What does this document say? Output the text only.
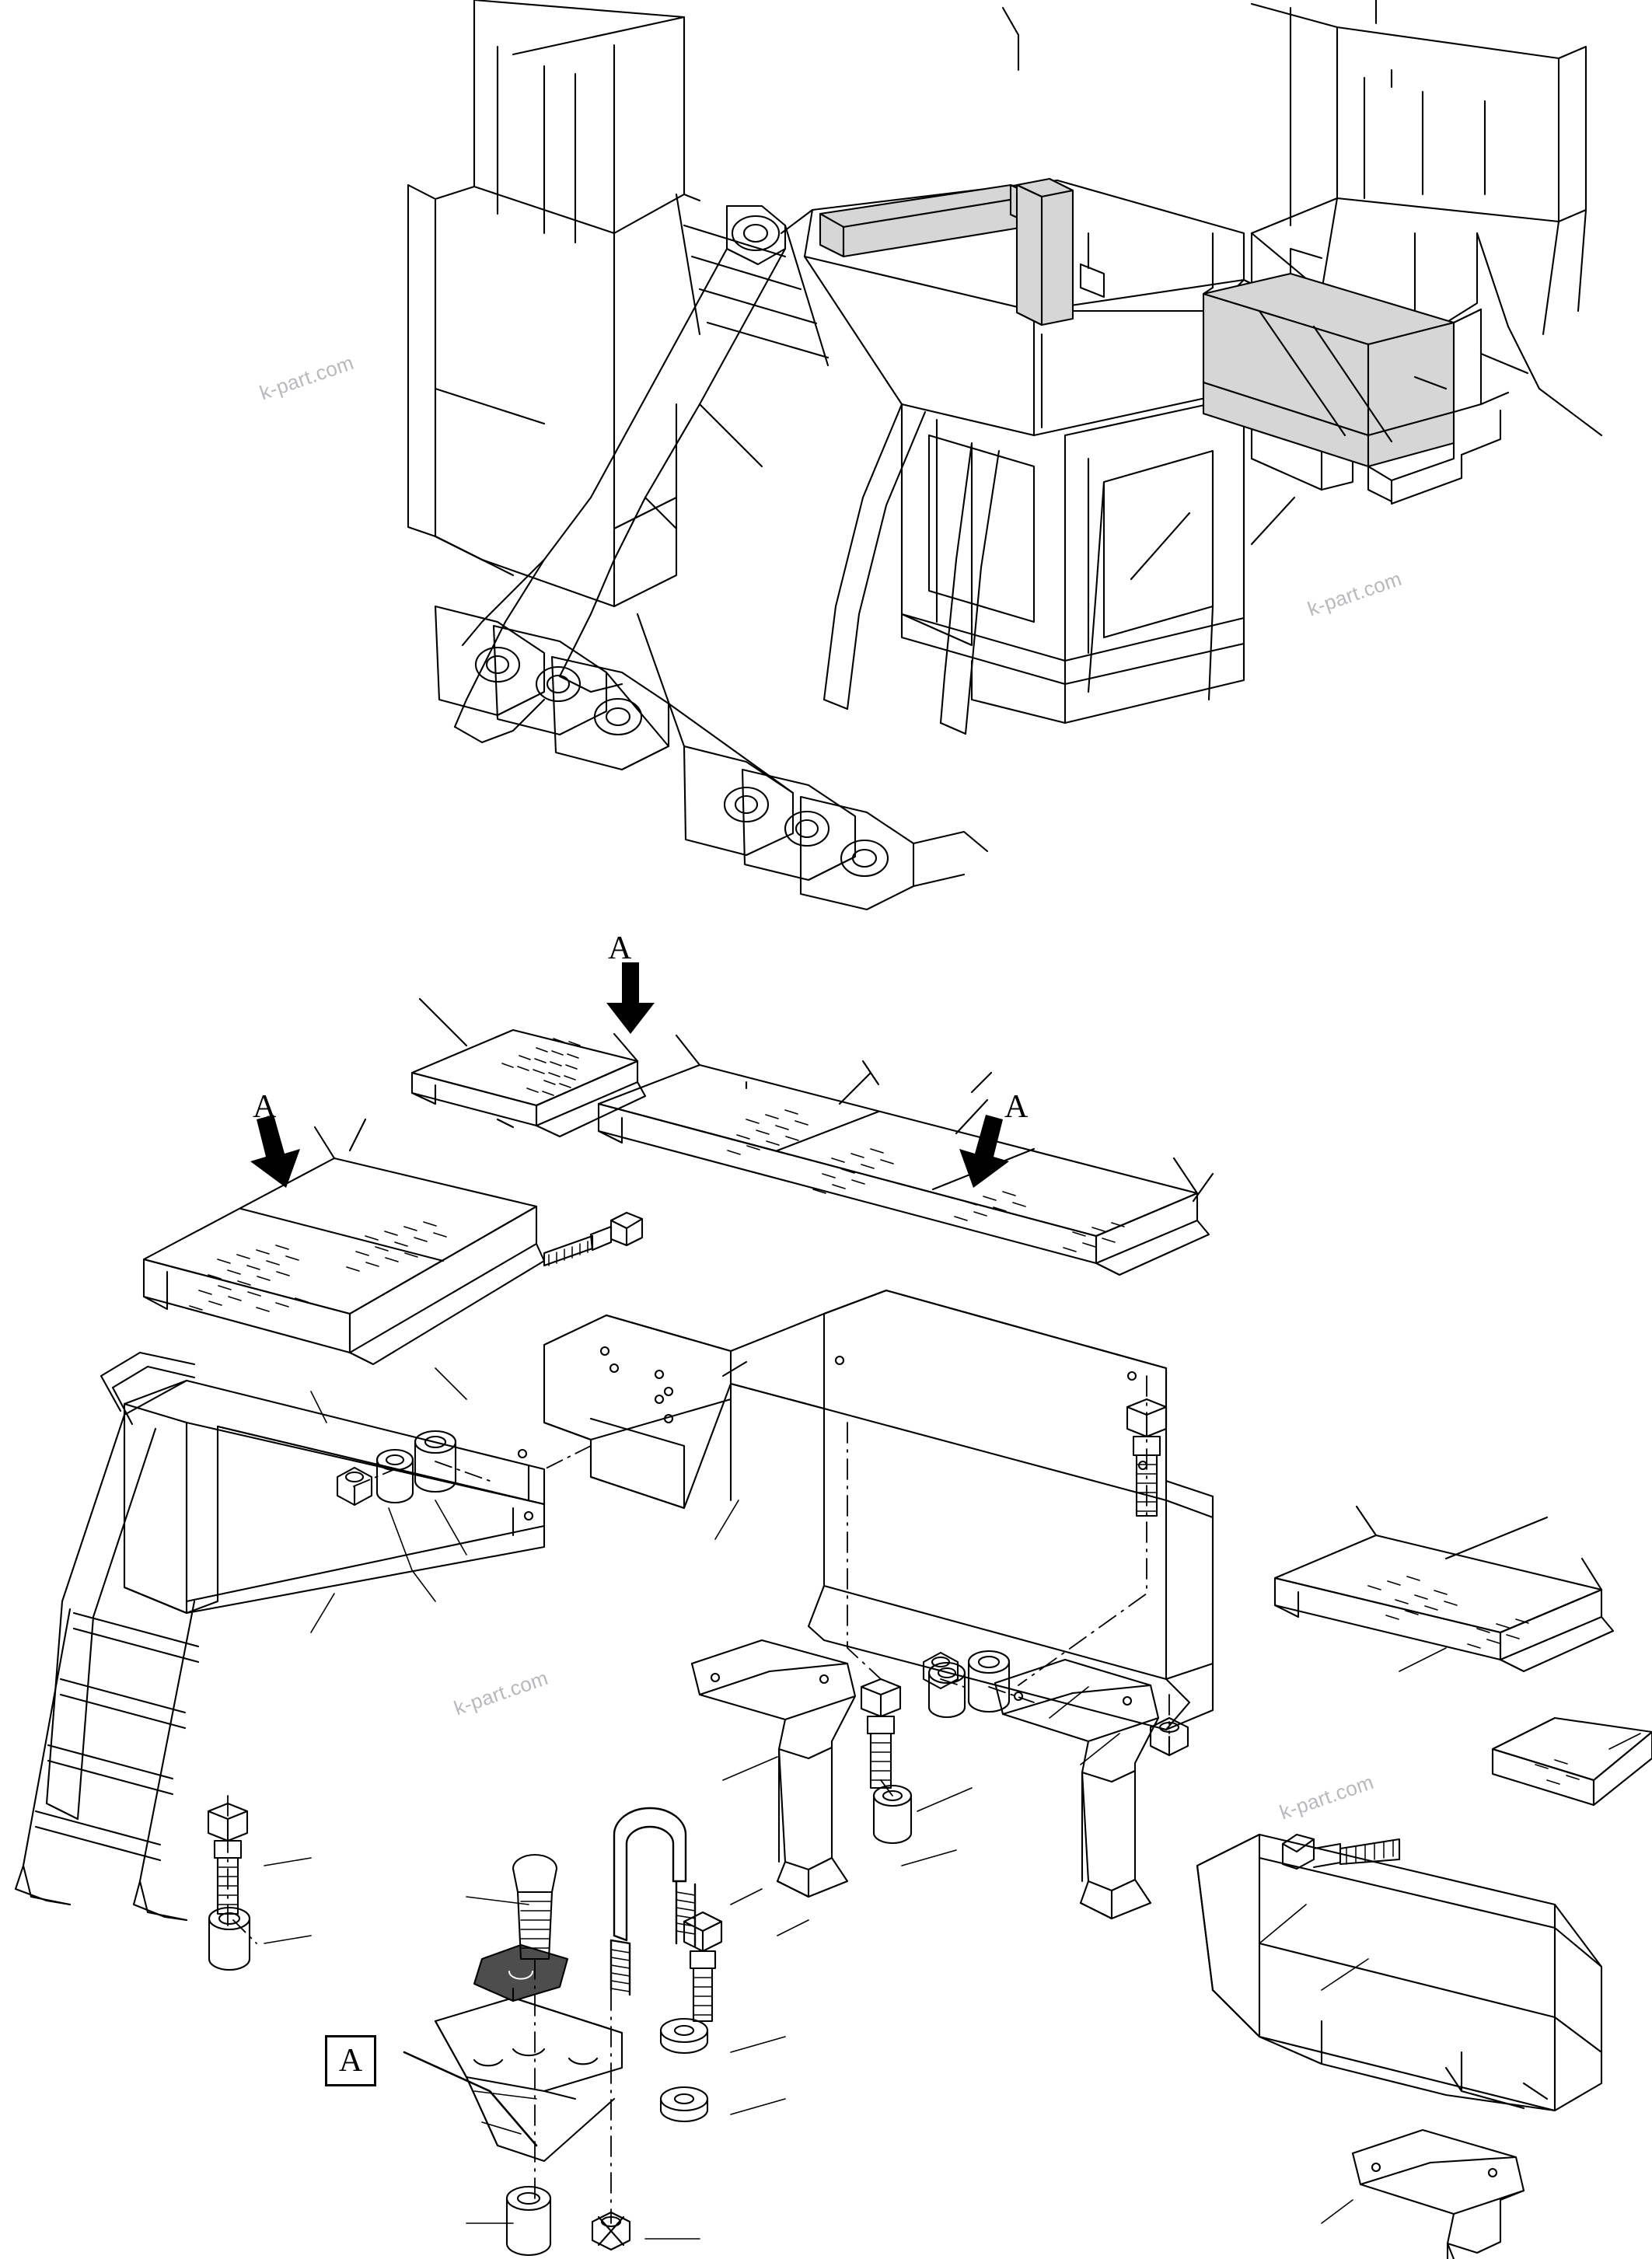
k-part.com
k-part.com
k-part.com
k-part.com
A
A	A
A
